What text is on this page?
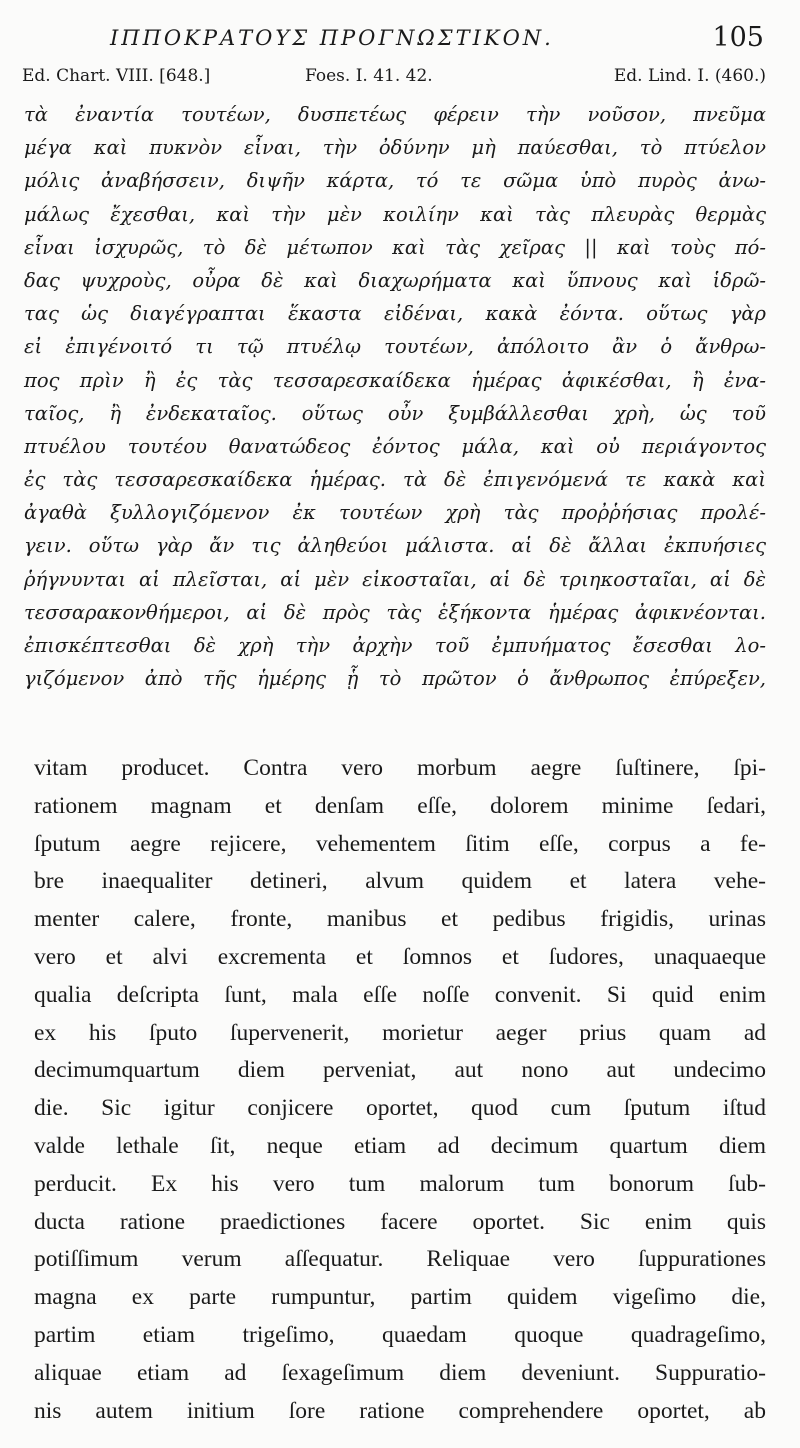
ΙΠΠΟΚΡΑΤΟΥΣ ΠΡΟΓΝΩΣΤΙΚΟΝ.	105
Ed. Chart. VIII. [648.]	Foes. I. 41. 42.	Ed. Lind. I. (460.)
τὰ ἐναντία τουτέων, δυσπετέως φέρειν τὴν νοῦσον, πνεῦμα
μέγα καὶ πυκνὸν εἶναι, τὴν ὀδύνην μὴ παύεσθαι, τὸ πτύελον
μόλις ἀναβήσσειν, διψῆν κάρτα, τό τε σῶμα ὑπὸ πυρὸς ἀνω-
μάλως ἔχεσθαι, καὶ τὴν μὲν κοιλίην καὶ τὰς πλευρὰς θερμὰς
εἶναι ἰσχυρῶς, τὸ δὲ μέτωπον καὶ τὰς χεῖρας || καὶ τοὺς πό-
δας ψυχροὺς, οὖρα δὲ καὶ διαχωρήματα καὶ ὕπνους καὶ ἱδρῶ-
τας ὡς διαγέγραπται ἕκαστα εἰδέναι, κακὰ ἐόντα. οὕτως γὰρ
εἰ ἐπιγένοιτό τι τῷ πτυέλῳ τουτέων, ἀπόλοιτο ἂν ὁ ἄνθρω-
πος πρὶν ἢ ἐς τὰς τεσσαρεσκαίδεκα ἡμέρας ἀφικέσθαι, ἢ ἐνα-
ταῖος, ἢ ἐνδεκαταῖος. οὕτως οὖν ξυμβάλλεσθαι χρὴ, ὡς τοῦ
πτυέλου τουτέου θανατώδεος ἐόντος μάλα, καὶ οὐ περιάγοντος
ἐς τὰς τεσσαρεσκαίδεκα ἡμέρας. τὰ δὲ ἐπιγενόμενά τε κακὰ καὶ
ἀγαθὰ ξυλλογιζόμενον ἐκ τουτέων χρὴ τὰς προῤῥήσιας προλέ-
γειν. οὕτω γὰρ ἄν τις ἀληθεύοι μάλιστα. αἱ δὲ ἄλλαι ἐκπυήσιες
ῥήγνυνται αἱ πλεῖσται, αἱ μὲν εἰκοσταῖαι, αἱ δὲ τριηκοσταῖαι, αἱ δὲ
τεσσαρακονθήμεροι, αἱ δὲ πρὸς τὰς ἑξήκοντα ἡμέρας ἀφικνέονται.
ἐπισκέπτεσθαι δὲ χρὴ τὴν ἀρχὴν τοῦ ἐμπυήματος ἔσεσθαι λο-
γιζόμενον ἀπὸ τῆς ἡμέρης ᾗ τὸ πρῶτον ὁ ἄνθρωπος ἐπύρεξεν,
vitam producet. Contra vero morbum aegre ſuſtinere, ſpi-
rationem magnam et denſam eſſe, dolorem minime ſedari,
ſputum aegre rejicere, vehementem ſitim eſſe, corpus a fe-
bre inaequaliter detineri, alvum quidem et latera vehe-
menter calere, fronte, manibus et pedibus frigidis, urinas
vero et alvi excrementa et ſomnos et ſudores, unaquaeque
qualia deſcripta ſunt, mala eſſe noſſe convenit. Si quid enim
ex his ſputo ſupervenerit, morietur aeger prius quam ad
decimumquartum diem perveniat, aut nono aut undecimo
die. Sic igitur conjicere oportet, quod cum ſputum iſtud
valde lethale ſit, neque etiam ad decimum quartum diem
perducit. Ex his vero tum malorum tum bonorum ſub-
ducta ratione praedictiones facere oportet. Sic enim quis
potiſſimum verum aſſequatur. Reliquae vero ſuppurationes
magna ex parte rumpuntur, partim quidem vigeſimo die,
partim etiam trigeſimo, quaedam quoque quadrageſimo,
aliquae etiam ad ſexageſimum diem deveniunt. Suppuratio-
nis autem initium ſore ratione comprehendere oportet, ab
